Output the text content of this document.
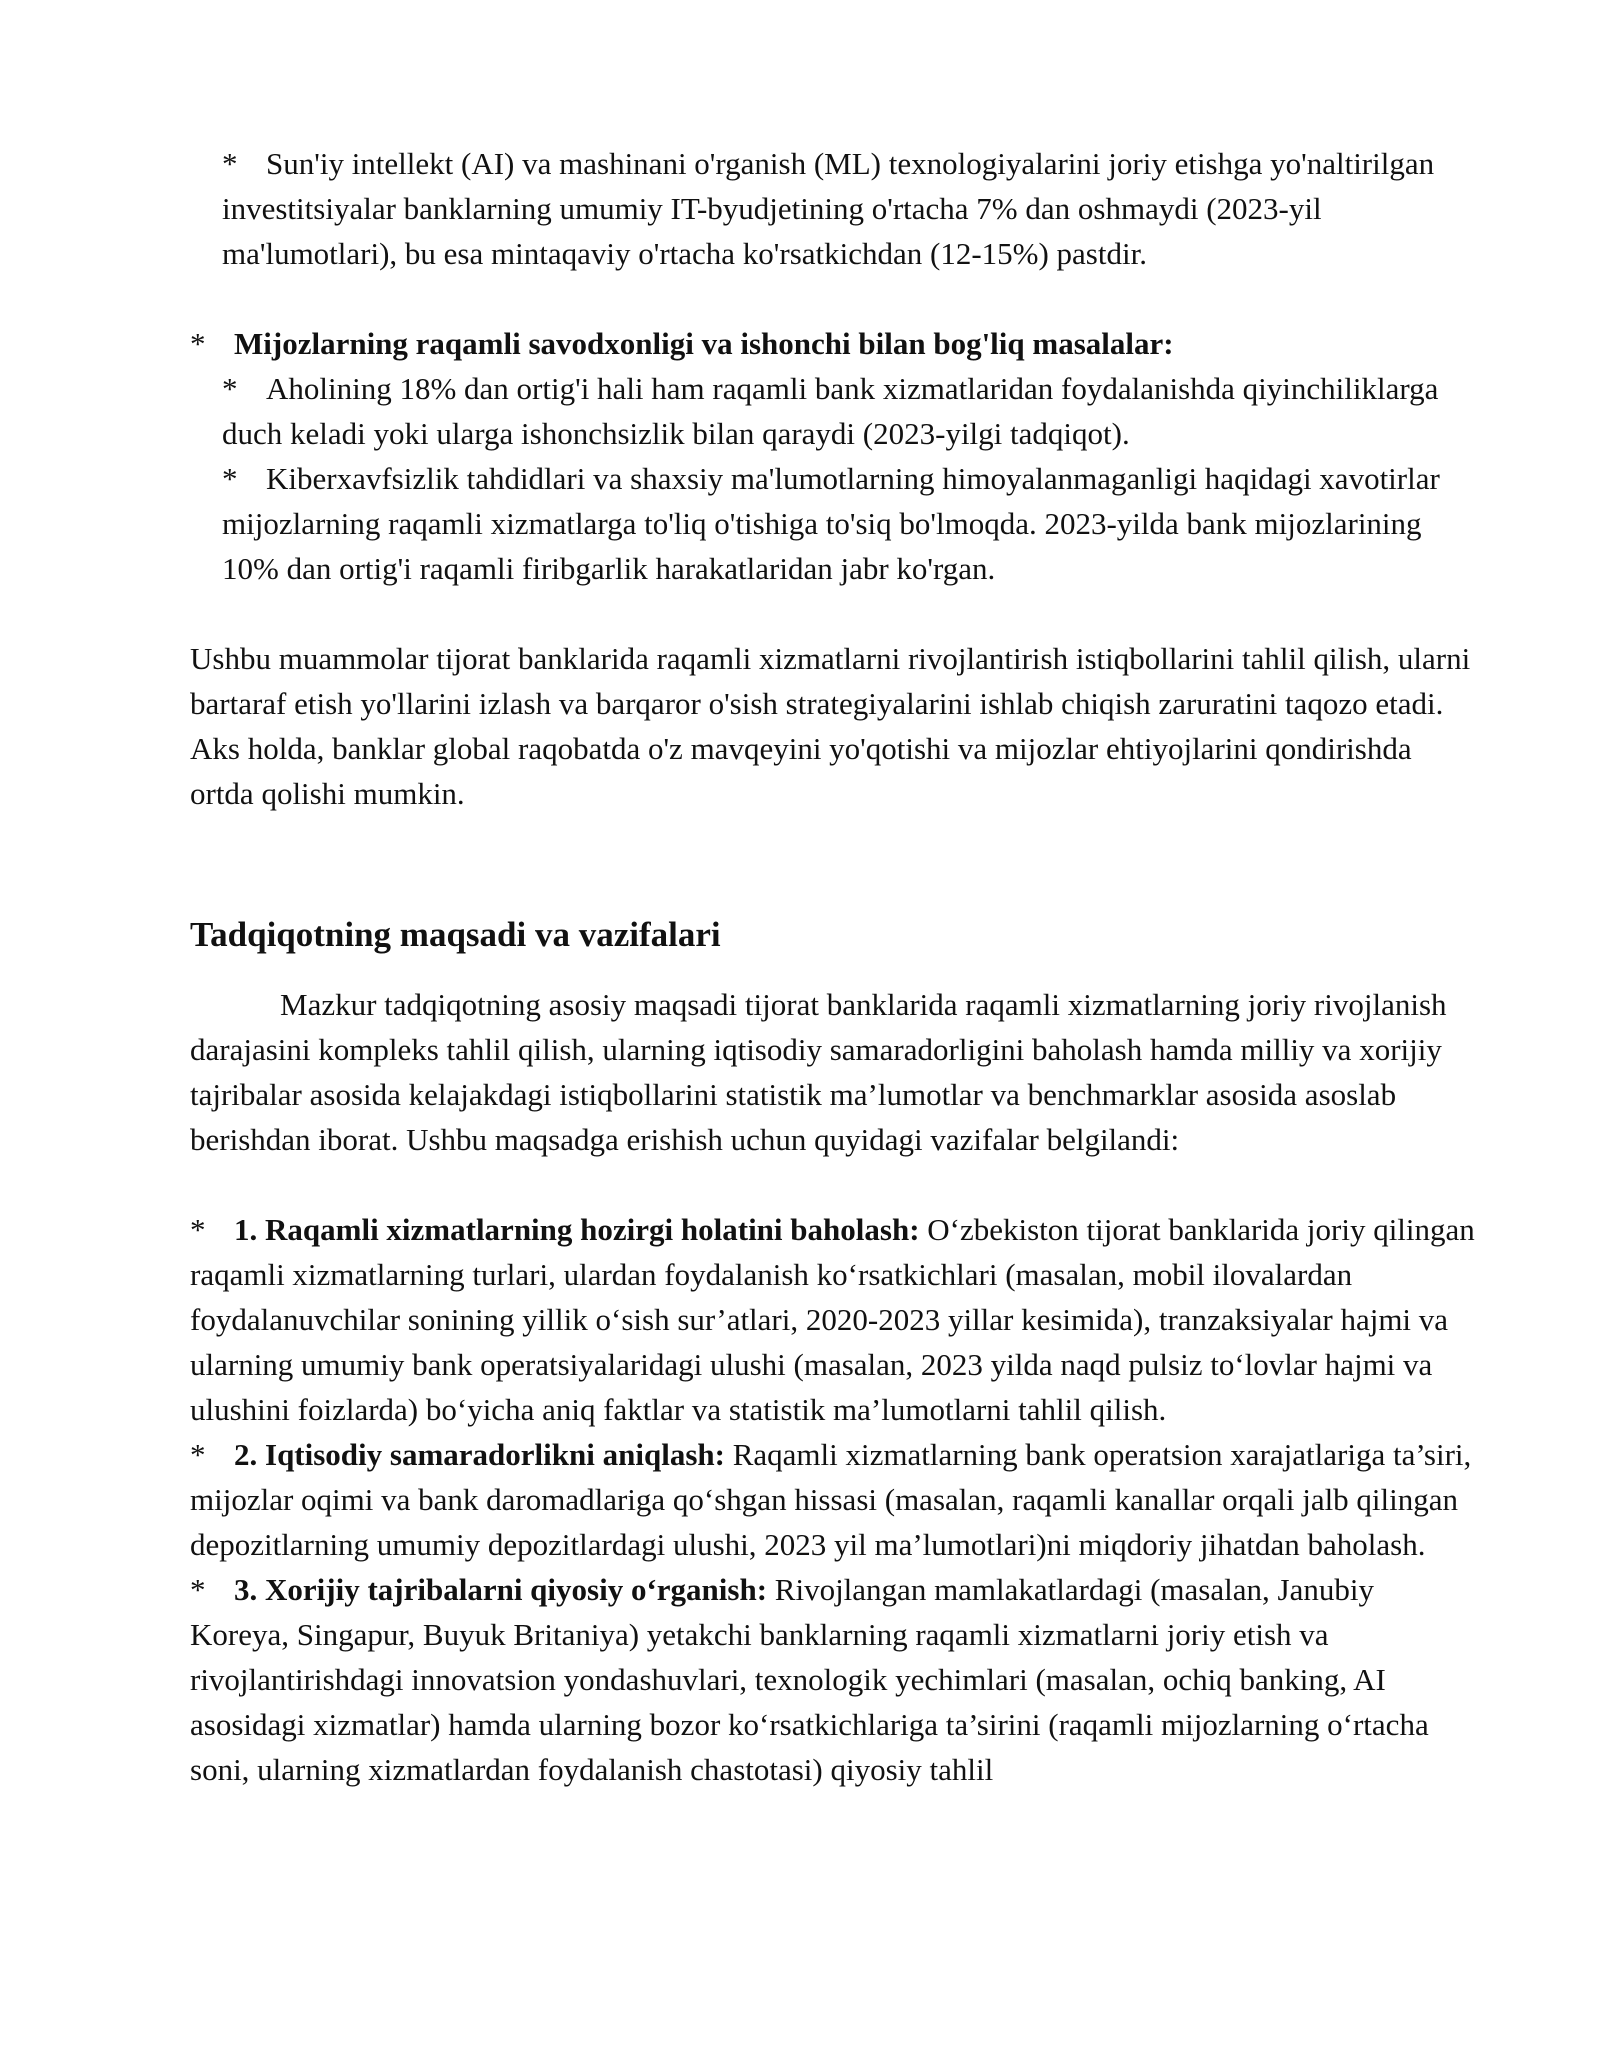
* Sun'iy intellekt (AI) va mashinani o'rganish (ML) texnologiyalarini joriy etishga yo'naltirilgan investitsiyalar banklarning umumiy IT-byudjetining o'rtacha 7% dan oshmaydi (2023-yil ma'lumotlari), bu esa mintaqaviy o'rtacha ko'rsatkichdan (12-15%) pastdir.

* Mijozlarning raqamli savodxonligi va ishonchi bilan bog'liq masalalar:

* Aholining 18% dan ortig'i hali ham raqamli bank xizmatlaridan foydalanishda qiyinchiliklarga duch keladi yoki ularga ishonchsizlik bilan qaraydi (2023-yilgi tadqiqot).

* Kiberxavfsizlik tahdidlari va shaxsiy ma'lumotlarning himoyalanmaganligi haqidagi xavotirlar mijozlarning raqamli xizmatlarga to'liq o'tishiga to'siq bo'lmoqda. 2023-yilda bank mijozlarining 10% dan ortig'i raqamli firibgarlik harakatlaridan jabr ko'rgan.

Ushbu muammolar tijorat banklarida raqamli xizmatlarni rivojlantirish istiqbollarini tahlil qilish, ularni bartaraf etish yo'llarini izlash va barqaror o'sish strategiyalarini ishlab chiqish zaruratini taqozo etadi. Aks holda, banklar global raqobatda o'z mavqeyini yo'qotishi va mijozlar ehtiyojlarini qondirishda ortda qolishi mumkin.

Tadqiqotning maqsadi va vazifalari

Mazkur tadqiqotning asosiy maqsadi tijorat banklarida raqamli xizmatlarning joriy rivojlanish darajasini kompleks tahlil qilish, ularning iqtisodiy samaradorligini baholash hamda milliy va xorijiy tajribalar asosida kelajakdagi istiqbollarini statistik ma’lumotlar va benchmarklar asosida asoslab berishdan iborat. Ushbu maqsadga erishish uchun quyidagi vazifalar belgilandi:

* 1. Raqamli xizmatlarning hozirgi holatini baholash: O‘zbekiston tijorat banklarida joriy qilingan raqamli xizmatlarning turlari, ulardan foydalanish ko‘rsatkichlari (masalan, mobil ilovalardan foydalanuvchilar sonining yillik o‘sish sur’atlari, 2020-2023 yillar kesimida), tranzaksiyalar hajmi va ularning umumiy bank operatsiyalaridagi ulushi (masalan, 2023 yilda naqd pulsiz to‘lovlar hajmi va ulushini foizlarda) bo‘yicha aniq faktlar va statistik ma’lumotlarni tahlil qilish.

* 2. Iqtisodiy samaradorlikni aniqlash: Raqamli xizmatlarning bank operatsion xarajatlariga ta’siri, mijozlar oqimi va bank daromadlariga qo‘shgan hissasi (masalan, raqamli kanallar orqali jalb qilingan depozitlarning umumiy depozitlardagi ulushi, 2023 yil ma’lumotlari)ni miqdoriy jihatdan baholash.

* 3. Xorijiy tajribalarni qiyosiy o‘rganish: Rivojlangan mamlakatlardagi (masalan, Janubiy Koreya, Singapur, Buyuk Britaniya) yetakchi banklarning raqamli xizmatlarni joriy etish va rivojlantirishdagi innovatsion yondashuvlari, texnologik yechimlari (masalan, ochiq banking, AI asosidagi xizmatlar) hamda ularning bozor ko‘rsatkichlariga ta’sirini (raqamli mijozlarning o‘rtacha soni, ularning xizmatlardan foydalanish chastotasi) qiyosiy tahlil
